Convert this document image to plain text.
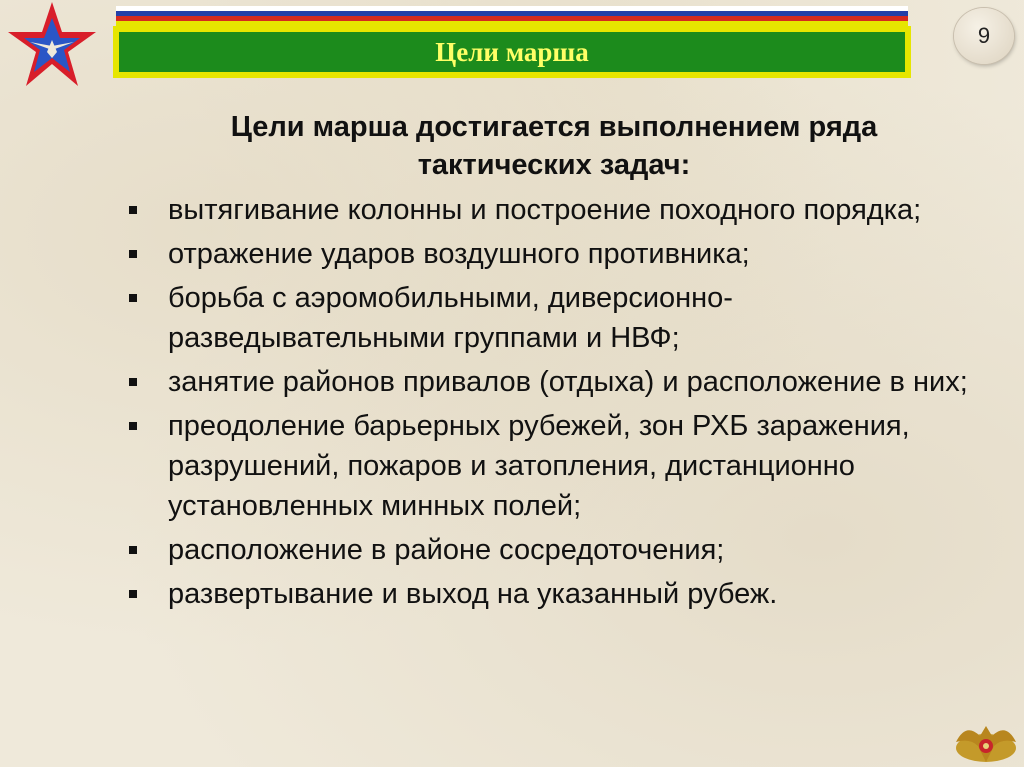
Цели марша
9

Цели марша достигается выполнением ряда тактических задач:

вытягивание колонны и построение походного порядка;
отражение ударов воздушного противника;
борьба с аэромобильными, диверсионно-разведывательными группами и НВФ;
занятие районов привалов (отдыха) и расположение в них;
преодоление барьерных рубежей, зон РХБ заражения, разрушений, пожаров и затопления, дистанционно установленных минных полей;
расположение в районе сосредоточения;
развертывание и выход на указанный рубеж.
